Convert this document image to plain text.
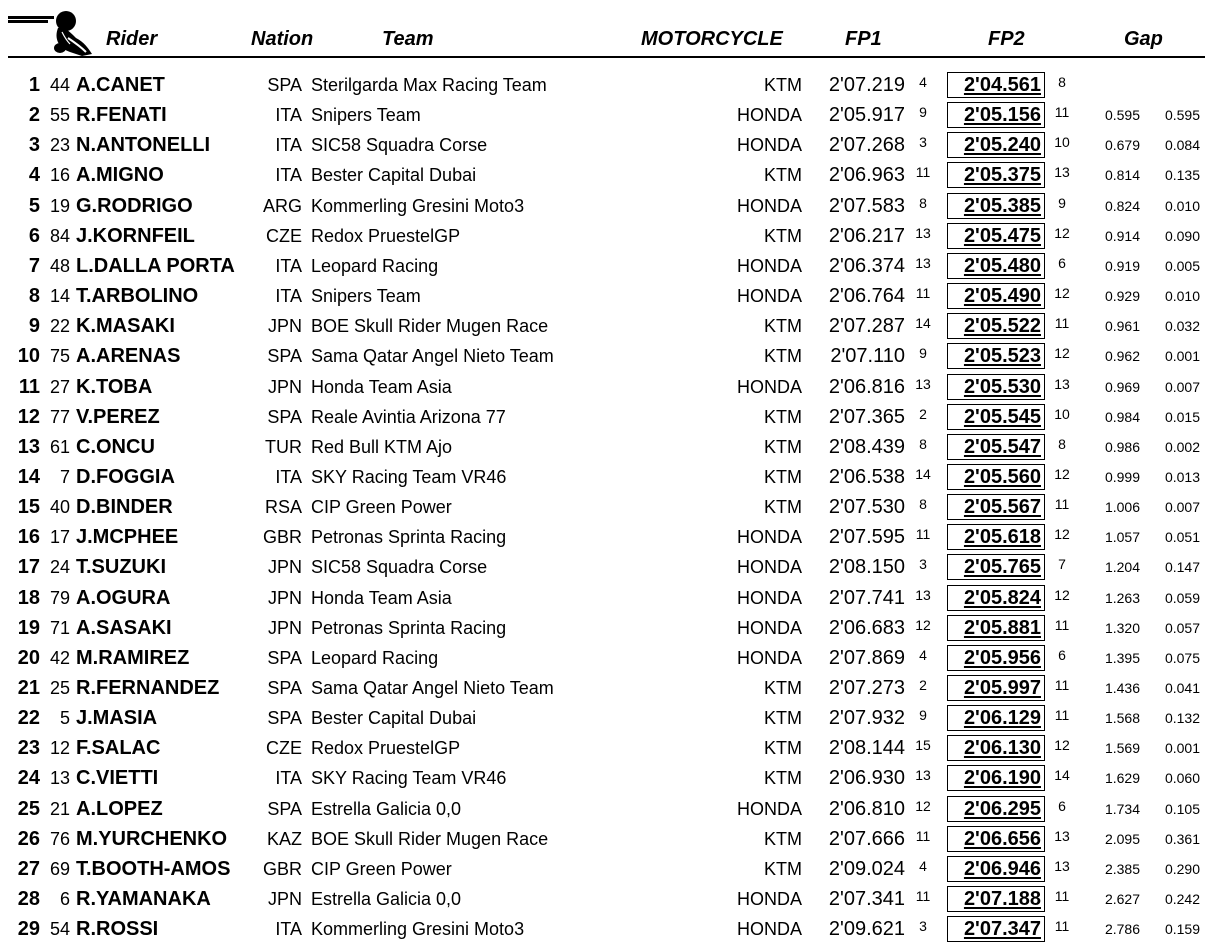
Rider	Nation	Team	MOTORCYCLE	FP1	FP2	Gap
1 44 A.CANET	SPA Sterilgarda Max Racing Team	KTM	2'07.219	4	2'04.561	8
2 55 R.FENATI	ITA Snipers Team	HONDA	2'05.917	9	2'05.156 11	0.595	0.595
3 23 N.ANTONELLI	ITA SIC58 Squadra Corse	HONDA	2'07.268	3	2'05.240 10	0.679	0.084
4 16 A.MIGNO	ITA Bester Capital Dubai	KTM	2'06.963 11	2'05.375 13	0.814	0.135
5 19 G.RODRIGO	ARG Kommerling Gresini Moto3	HONDA	2'07.583	8	2'05.385	9	0.824	0.010
6 84 J.KORNFEIL	CZE Redox PruestelGP	KTM	2'06.217 13	2'05.475 12	0.914	0.090
7 48 L.DALLA PORTA	ITA Leopard Racing	HONDA	2'06.374 13	2'05.480	6	0.919	0.005
8 14 T.ARBOLINO	ITA Snipers Team	HONDA	2'06.764 11	2'05.490 12	0.929	0.010
9 22 K.MASAKI	JPN BOE Skull Rider Mugen Race	KTM	2'07.287 14	2'05.522 11	0.961	0.032
10 75 A.ARENAS	SPA Sama Qatar Angel Nieto Team	KTM	2'07.110	9	2'05.523 12	0.962	0.001
11 27 K.TOBA	JPN Honda Team Asia	HONDA	2'06.816 13	2'05.530 13	0.969	0.007
12 77 V.PEREZ	SPA Reale Avintia Arizona 77	KTM	2'07.365	2	2'05.545 10	0.984	0.015
13 61 C.ONCU	TUR Red Bull KTM Ajo	KTM	2'08.439	8	2'05.547	8	0.986	0.002
14	7 D.FOGGIA	ITA SKY Racing Team VR46	KTM	2'06.538 14	2'05.560 12	0.999	0.013
15 40 D.BINDER	RSA CIP Green Power	KTM	2'07.530	8	2'05.567 11	1.006	0.007
16 17 J.MCPHEE	GBR Petronas Sprinta Racing	HONDA	2'07.595 11	2'05.618 12	1.057	0.051
17 24 T.SUZUKI	JPN SIC58 Squadra Corse	HONDA	2'08.150	3	2'05.765	7	1.204	0.147
18 79 A.OGURA	JPN Honda Team Asia	HONDA	2'07.741 13	2'05.824 12	1.263	0.059
19 71 A.SASAKI	JPN Petronas Sprinta Racing	HONDA	2'06.683 12	2'05.881 11	1.320	0.057
20 42 M.RAMIREZ	SPA Leopard Racing	HONDA	2'07.869	4	2'05.956	6	1.395	0.075
21 25 R.FERNANDEZ	SPA Sama Qatar Angel Nieto Team	KTM	2'07.273	2	2'05.997 11	1.436	0.041
22	5 J.MASIA	SPA Bester Capital Dubai	KTM	2'07.932	9	2'06.129 11	1.568	0.132
23 12 F.SALAC	CZE Redox PruestelGP	KTM	2'08.144 15	2'06.130 12	1.569	0.001
24 13 C.VIETTI	ITA SKY Racing Team VR46	KTM	2'06.930 13	2'06.190 14	1.629	0.060
25 21 A.LOPEZ	SPA Estrella Galicia 0,0	HONDA	2'06.810 12	2'06.295	6	1.734	0.105
26 76 M.YURCHENKO	KAZ BOE Skull Rider Mugen Race	KTM	2'07.666 11	2'06.656 13	2.095	0.361
27 69 T.BOOTH-AMOS	GBR CIP Green Power	KTM	2'09.024	4	2'06.946 13	2.385	0.290
28	6 R.YAMANAKA	JPN Estrella Galicia 0,0	HONDA	2'07.341 11	2'07.188 11	2.627	0.242
29 54 R.ROSSI	ITA Kommerling Gresini Moto3	HONDA	2'09.621	3	2'07.347 11	2.786	0.159
